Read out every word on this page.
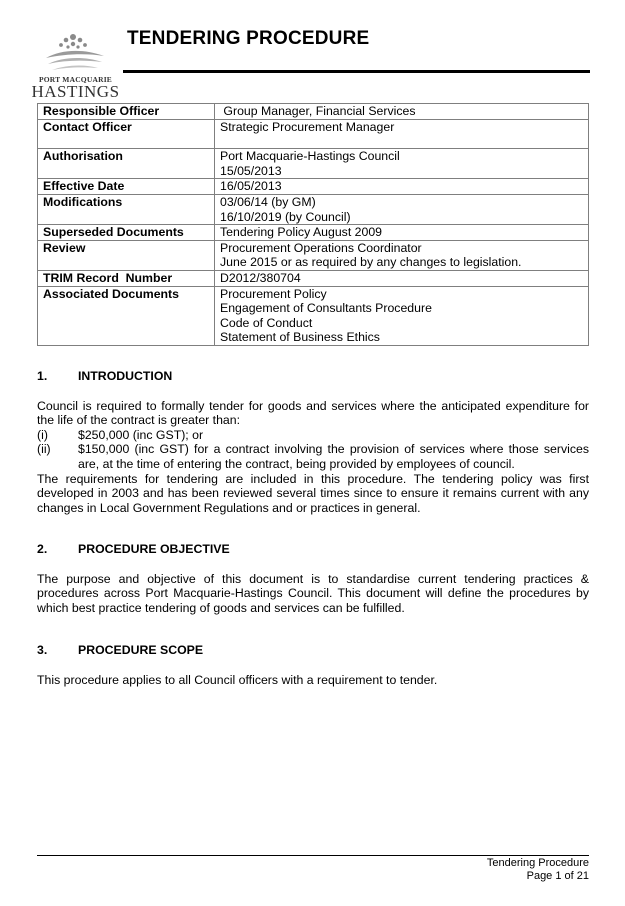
PORT MACQUARIE
HASTINGS
TENDERING PROCEDURE
Responsible Officer	Group Manager, Financial Services

Contact Officer	Strategic Procurement Manager

Authorisation	Port Macquarie-Hastings Council
15/05/2013

Effective Date	16/05/2013

Modifications	03/06/14 (by GM)
16/10/2019 (by Council)

Superseded Documents	Tendering Policy August 2009

Review	Procurement Operations Coordinator
June 2015 or as required by any changes to legislation.

TRIM Record  Number	D2012/380704

Associated Documents	Procurement Policy
Engagement of Consultants Procedure
Code of Conduct
Statement of Business Ethics
1. INTRODUCTION
Council is required to formally tender for goods and services where the anticipated expenditure for the life of the contract is greater than:
(i)	$250,000 (inc GST); or
(ii)	$150,000 (inc GST) for a contract involving the provision of services where those services are, at the time of entering the contract, being provided by employees of council.
The requirements for tendering are included in this procedure. The tendering policy was first developed in 2003 and has been reviewed several times since to ensure it remains current with any changes in Local Government Regulations and or practices in general.
2. PROCEDURE OBJECTIVE
The purpose and objective of this document is to standardise current tendering practices & procedures across Port Macquarie-Hastings Council. This document will define the procedures by which best practice tendering of goods and services can be fulfilled.
3. PROCEDURE SCOPE
This procedure applies to all Council officers with a requirement to tender.
Tendering Procedure
Page 1 of 21
